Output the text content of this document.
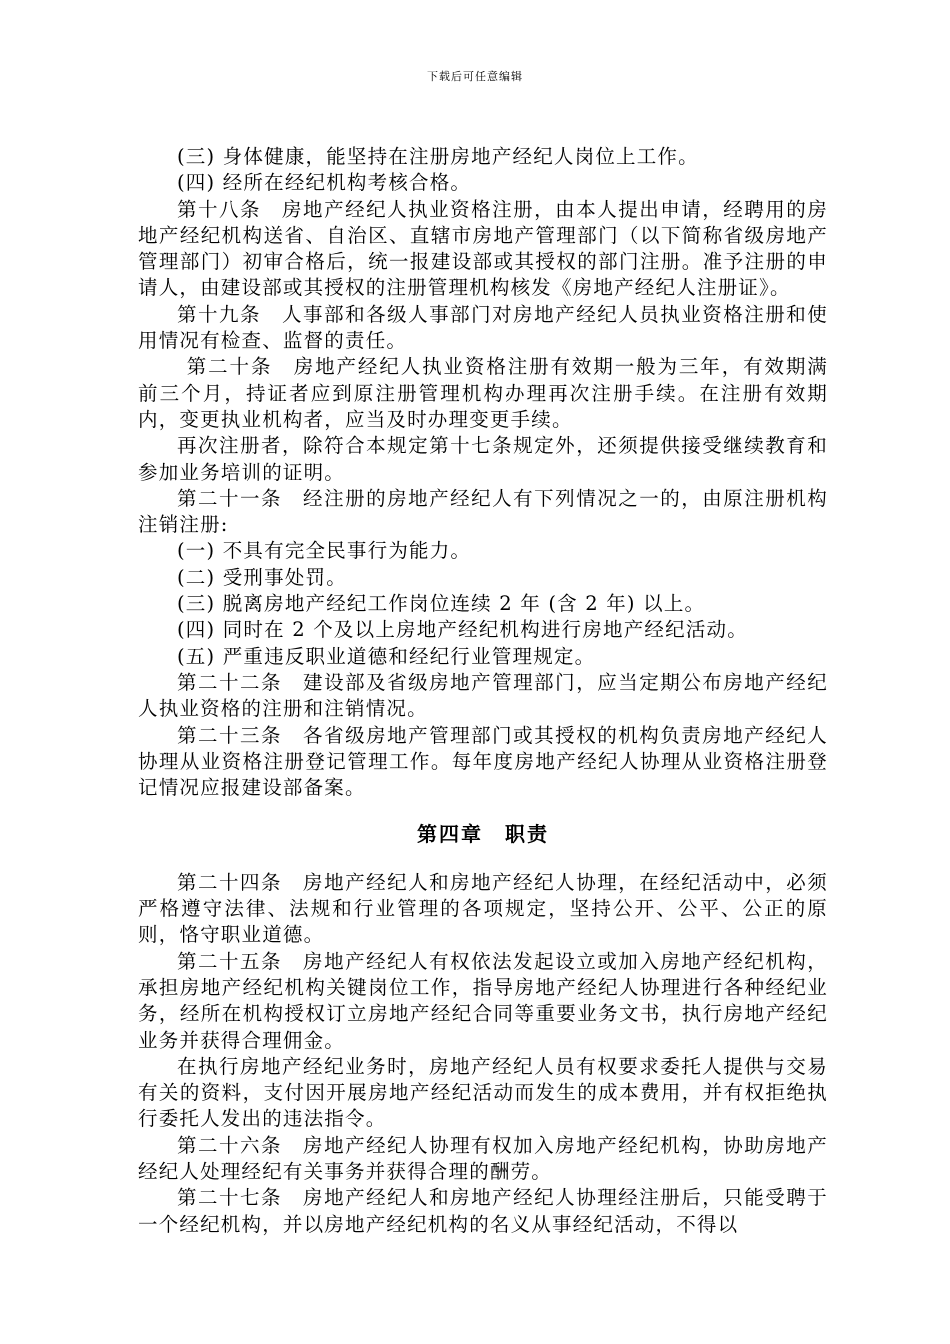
下载后可任意编辑

(三) 身体健康，能坚持在注册房地产经纪人岗位上工作。

(四) 经所在经纪机构考核合格。

第十八条　房地产经纪人执业资格注册，由本人提出申请，经聘用的房地产经纪机构送省、自治区、直辖市房地产管理部门（以下简称省级房地产管理部门）初审合格后，统一报建设部或其授权的部门注册。准予注册的申请人，由建设部或其授权的注册管理机构核发《房地产经纪人注册证》。

第十九条　人事部和各级人事部门对房地产经纪人员执业资格注册和使用情况有检查、监督的责任。

第二十条　房地产经纪人执业资格注册有效期一般为三年，有效期满前三个月，持证者应到原注册管理机构办理再次注册手续。在注册有效期内，变更执业机构者，应当及时办理变更手续。

再次注册者，除符合本规定第十七条规定外，还须提供接受继续教育和参加业务培训的证明。

第二十一条　经注册的房地产经纪人有下列情况之一的，由原注册机构注销注册:

(一) 不具有完全民事行为能力。

(二) 受刑事处罚。

(三) 脱离房地产经纪工作岗位连续 2 年 (含 2 年) 以上。

(四) 同时在 2 个及以上房地产经纪机构进行房地产经纪活动。

(五) 严重违反职业道德和经纪行业管理规定。

第二十二条　建设部及省级房地产管理部门，应当定期公布房地产经纪人执业资格的注册和注销情况。

第二十三条　各省级房地产管理部门或其授权的机构负责房地产经纪人协理从业资格注册登记管理工作。每年度房地产经纪人协理从业资格注册登记情况应报建设部备案。

第四章　职责

第二十四条　房地产经纪人和房地产经纪人协理，在经纪活动中，必须严格遵守法律、法规和行业管理的各项规定，坚持公开、公平、公正的原则，恪守职业道德。

第二十五条　房地产经纪人有权依法发起设立或加入房地产经纪机构，承担房地产经纪机构关键岗位工作，指导房地产经纪人协理进行各种经纪业务，经所在机构授权订立房地产经纪合同等重要业务文书，执行房地产经纪业务并获得合理佣金。

在执行房地产经纪业务时，房地产经纪人员有权要求委托人提供与交易有关的资料，支付因开展房地产经纪活动而发生的成本费用，并有权拒绝执行委托人发出的违法指令。

第二十六条　房地产经纪人协理有权加入房地产经纪机构，协助房地产经纪人处理经纪有关事务并获得合理的酬劳。

第二十七条　房地产经纪人和房地产经纪人协理经注册后，只能受聘于一个经纪机构，并以房地产经纪机构的名义从事经纪活动，不得以
